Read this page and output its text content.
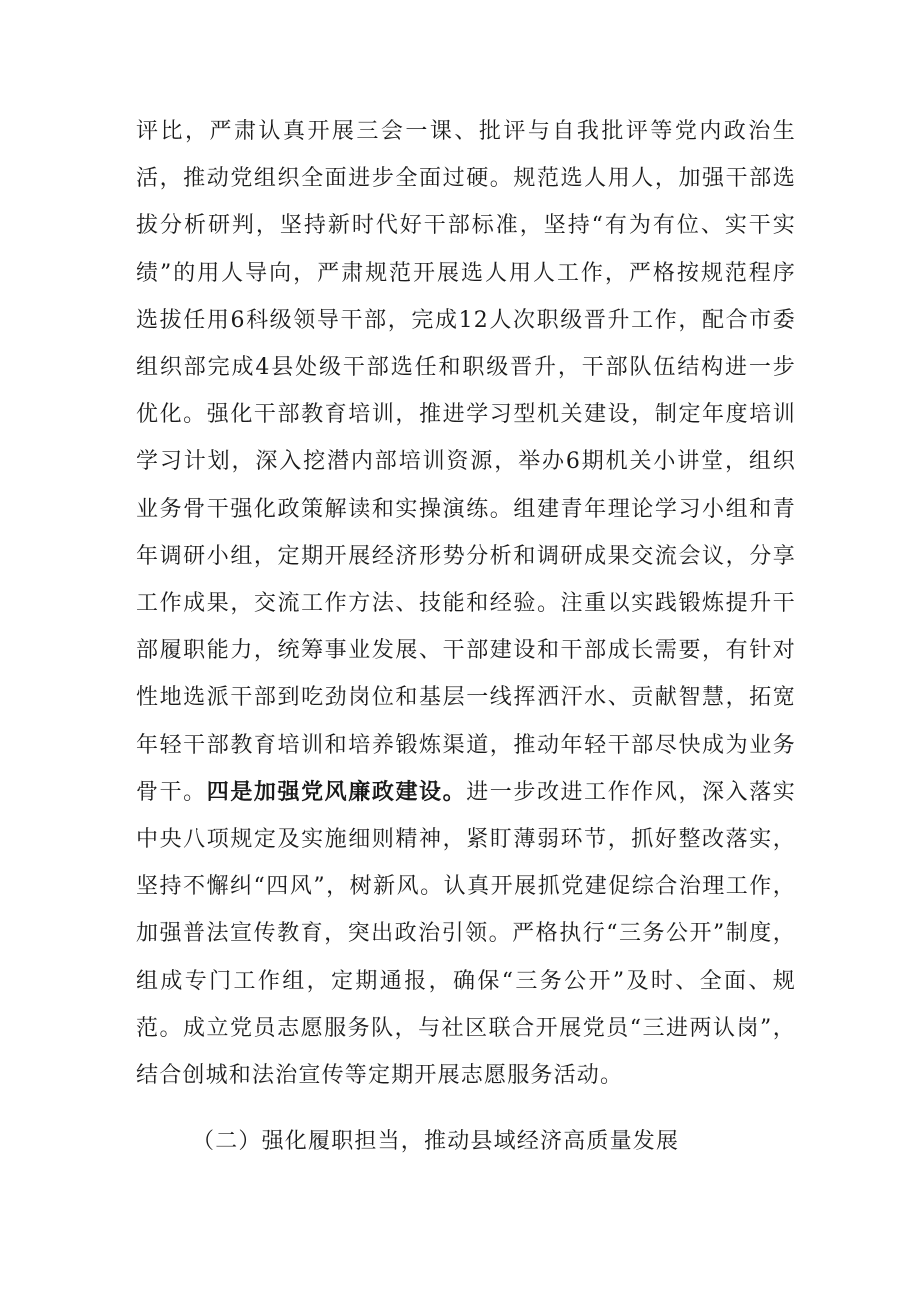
评比，严肃认真开展三会一课、批评与自我批评等党内政治生活，推动党组织全面进步全面过硬。规范选人用人，加强干部选拔分析研判，坚持新时代好干部标准，坚持“有为有位、实干实绩”的用人导向，严肃规范开展选人用人工作，严格按规范程序选拔任用6科级领导干部，完成12人次职级晋升工作，配合市委组织部完成4县处级干部选任和职级晋升，干部队伍结构进一步优化。强化干部教育培训，推进学习型机关建设，制定年度培训学习计划，深入挖潜内部培训资源，举办6期机关小讲堂，组织业务骨干强化政策解读和实操演练。组建青年理论学习小组和青年调研小组，定期开展经济形势分析和调研成果交流会议，分享工作成果，交流工作方法、技能和经验。注重以实践锻炼提升干部履职能力，统筹事业发展、干部建设和干部成长需要，有针对性地选派干部到吃劲岗位和基层一线挥洒汗水、贡献智慧，拓宽年轻干部教育培训和培养锻炼渠道，推动年轻干部尽快成为业务骨干。四是加强党风廉政建设。进一步改进工作作风，深入落实中央八项规定及实施细则精神，紧盯薄弱环节，抓好整改落实，坚持不懈纠“四风”，树新风。认真开展抓党建促综合治理工作，加强普法宣传教育，突出政治引领。严格执行“三务公开”制度，组成专门工作组，定期通报，确保“三务公开”及时、全面、规范。成立党员志愿服务队，与社区联合开展党员“三进两认岗”，结合创城和法治宣传等定期开展志愿服务活动。

（二）强化履职担当，推动县域经济高质量发展
